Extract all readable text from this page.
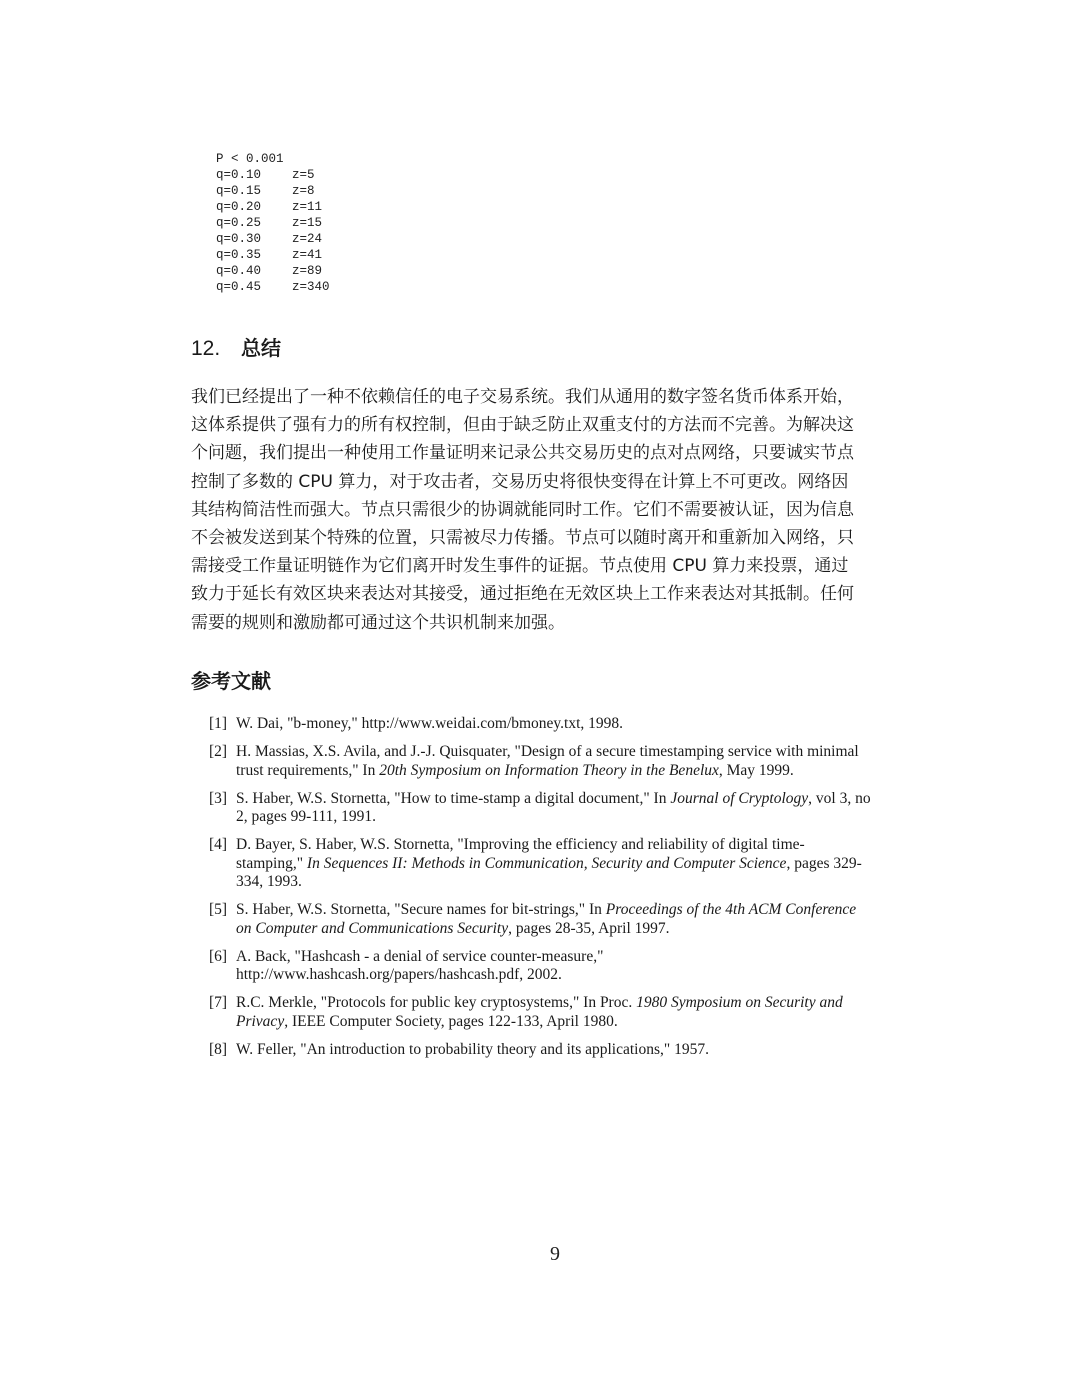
P < 0.001
q=0.10 z=5
q=0.15 z=8
q=0.20 z=11
q=0.25 z=15
q=0.30 z=24
q=0.35 z=41
q=0.40 z=89
q=0.45 z=340
12. 总结
我们已经提出了一种不依赖信任的电子交易系统。我们从通用的数字签名货币体系开始，
这体系提供了强有力的所有权控制，但由于缺乏防止双重支付的方法而不完善。为解决这
个问题，我们提出一种使用工作量证明来记录公共交易历史的点对点网络，只要诚实节点
控制了多数的 CPU 算力，对于攻击者，交易历史将很快变得在计算上不可更改。网络因
其结构简洁性而强大。节点只需很少的协调就能同时工作。它们不需要被认证，因为信息
不会被发送到某个特殊的位置，只需被尽力传播。节点可以随时离开和重新加入网络，只
需接受工作量证明链作为它们离开时发生事件的证据。节点使用 CPU 算力来投票，通过
致力于延长有效区块来表达对其接受，通过拒绝在无效区块上工作来表达对其抵制。任何
需要的规则和激励都可通过这个共识机制来加强。
参考文献
[1] W. Dai, "b-money," http://www.weidai.com/bmoney.txt, 1998.
[2] H. Massias, X.S. Avila, and J.-J. Quisquater, "Design of a secure timestamping service with minimal
trust requirements," In 20th Symposium on Information Theory in the Benelux, May 1999.
[3] S. Haber, W.S. Stornetta, "How to time-stamp a digital document," In Journal of Cryptology, vol 3, no
2, pages 99-111, 1991.
[4] D. Bayer, S. Haber, W.S. Stornetta, "Improving the efficiency and reliability of digital time-
stamping," In Sequences II: Methods in Communication, Security and Computer Science, pages 329-
334, 1993.
[5] S. Haber, W.S. Stornetta, "Secure names for bit-strings," In Proceedings of the 4th ACM Conference
on Computer and Communications Security, pages 28-35, April 1997.
[6] A. Back, "Hashcash - a denial of service counter-measure,"
http://www.hashcash.org/papers/hashcash.pdf, 2002.
[7] R.C. Merkle, "Protocols for public key cryptosystems," In Proc. 1980 Symposium on Security and
Privacy, IEEE Computer Society, pages 122-133, April 1980.
[8] W. Feller, "An introduction to probability theory and its applications," 1957.
9
